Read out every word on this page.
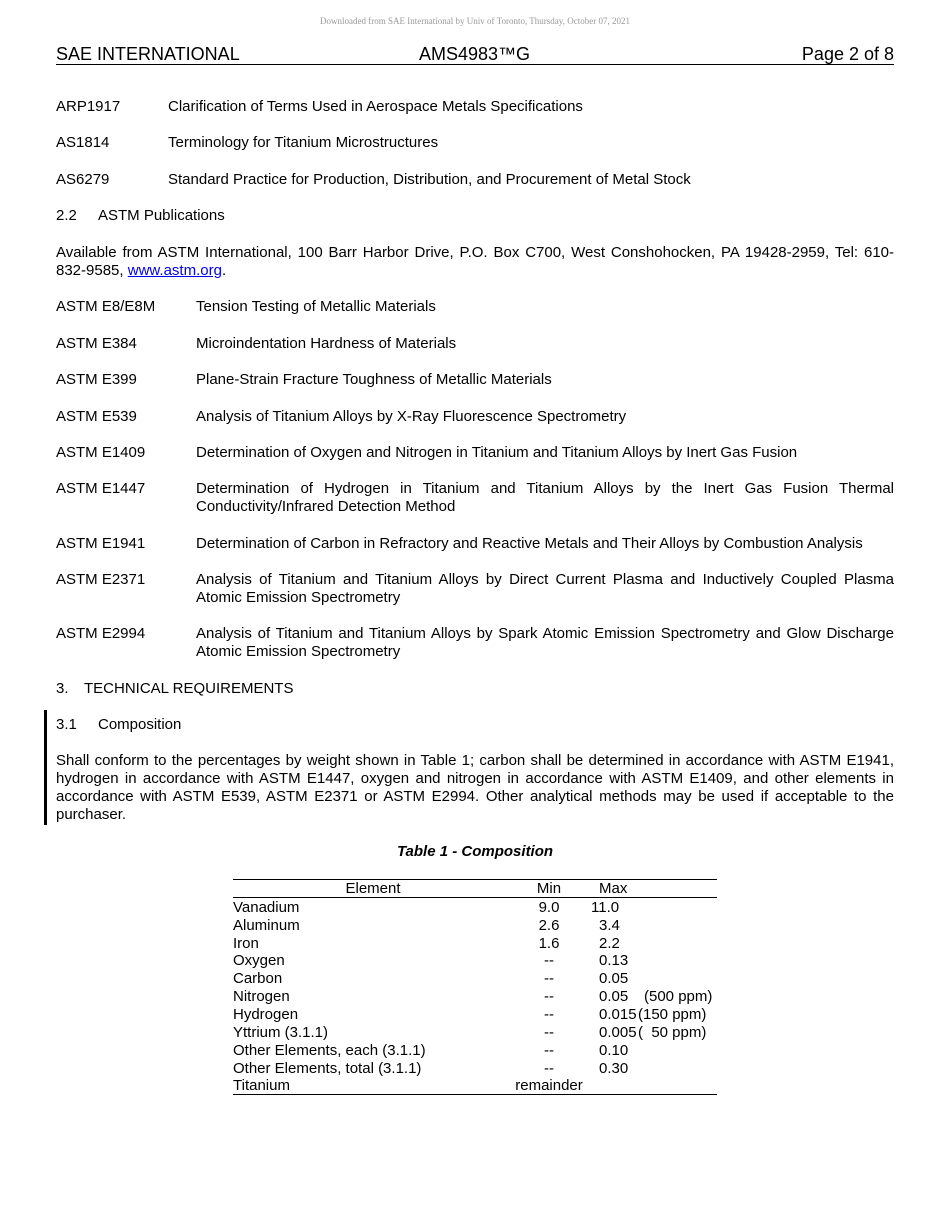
Downloaded from SAE International by Univ of Toronto, Thursday, October 07, 2021
SAE INTERNATIONAL	AMS4983™G	Page 2 of 8
ARP1917	Clarification of Terms Used in Aerospace Metals Specifications
AS1814	Terminology for Titanium Microstructures
AS6279	Standard Practice for Production, Distribution, and Procurement of Metal Stock
2.2 ASTM Publications
Available from ASTM International, 100 Barr Harbor Drive, P.O. Box C700, West Conshohocken, PA 19428-2959, Tel: 610-832-9585, www.astm.org.
ASTM E8/E8M	Tension Testing of Metallic Materials
ASTM E384	Microindentation Hardness of Materials
ASTM E399	Plane-Strain Fracture Toughness of Metallic Materials
ASTM E539	Analysis of Titanium Alloys by X-Ray Fluorescence Spectrometry
ASTM E1409	Determination of Oxygen and Nitrogen in Titanium and Titanium Alloys by Inert Gas Fusion
ASTM E1447	Determination of Hydrogen in Titanium and Titanium Alloys by the Inert Gas Fusion Thermal Conductivity/Infrared Detection Method
ASTM E1941	Determination of Carbon in Refractory and Reactive Metals and Their Alloys by Combustion Analysis
ASTM E2371	Analysis of Titanium and Titanium Alloys by Direct Current Plasma and Inductively Coupled Plasma Atomic Emission Spectrometry
ASTM E2994	Analysis of Titanium and Titanium Alloys by Spark Atomic Emission Spectrometry and Glow Discharge Atomic Emission Spectrometry
3. TECHNICAL REQUIREMENTS
3.1 Composition
Shall conform to the percentages by weight shown in Table 1; carbon shall be determined in accordance with ASTM E1941, hydrogen in accordance with ASTM E1447, oxygen and nitrogen in accordance with ASTM E1409, and other elements in accordance with ASTM E539, ASTM E2371 or ASTM E2994. Other analytical methods may be used if acceptable to the purchaser.
Table 1 - Composition
Element	Min	Max
Vanadium	9.0	11.0
Aluminum	2.6	3.4
Iron	1.6	2.2
Oxygen	--	0.13
Carbon	--	0.05
Nitrogen	--	0.05 (500 ppm)
Hydrogen	--	0.015 (150 ppm)
Yttrium (3.1.1)	--	0.005 (  50 ppm)
Other Elements, each (3.1.1)	--	0.10
Other Elements, total (3.1.1)	--	0.30
Titanium	remainder
